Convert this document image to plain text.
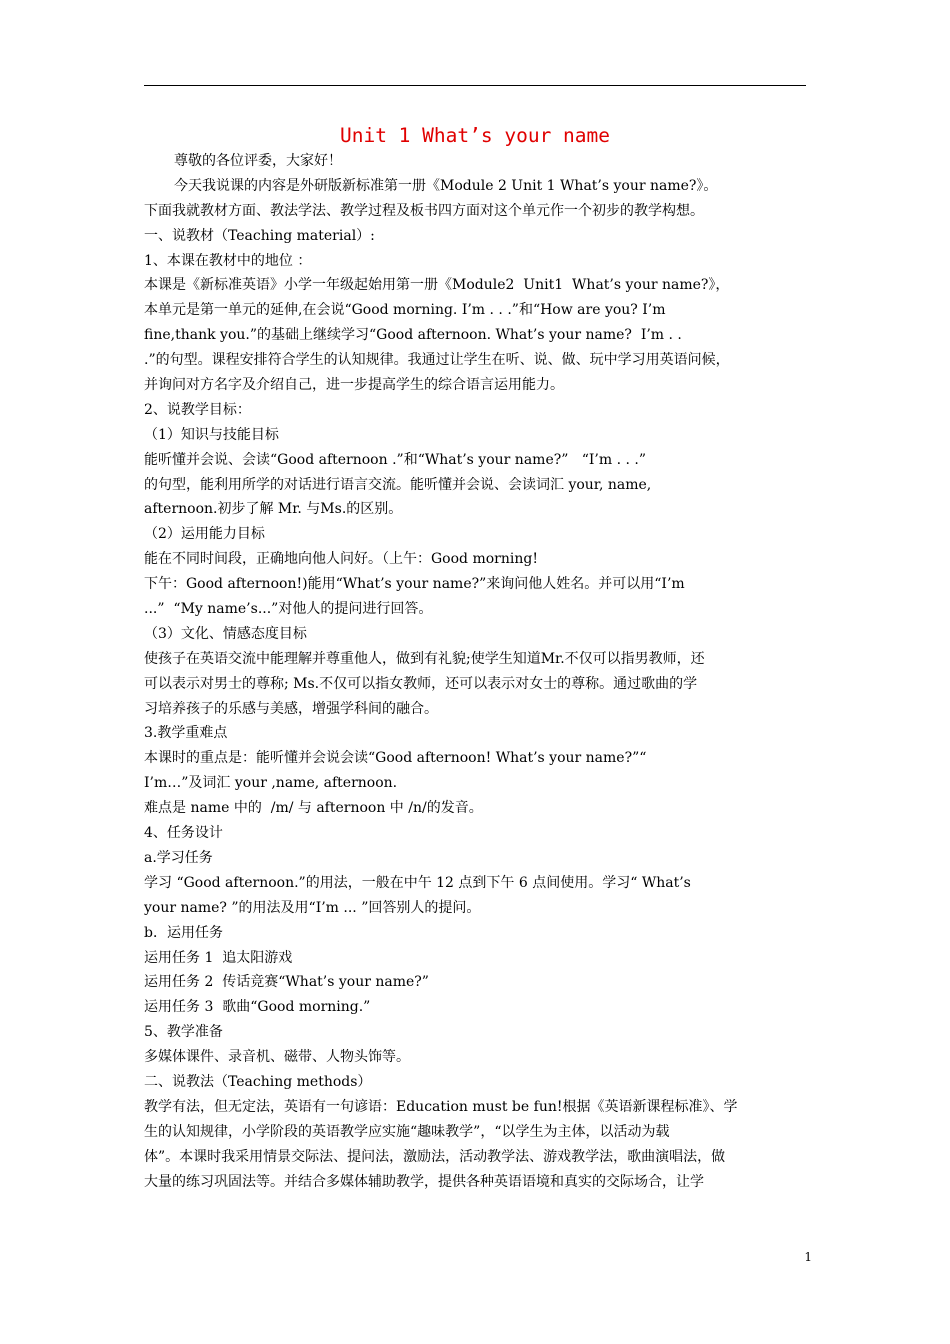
Unit 1 What’s your name
尊敬的各位评委，大家好！
今天我说课的内容是外研版新标准第一册《Module 2 Unit 1 What’s your name?》。
下面我就教材方面、教法学法、教学过程及板书四方面对这个单元作一个初步的教学构想。
一、说教材（Teaching material）:
1、本课在教材中的地位 ：
本课是《新标准英语》小学一年级起始用第一册《Module2  Unit1  What’s your name?》，
本单元是第一单元的延伸,在会说“Good morning. I’m . . .”和“How are you? I’m
fine,thank you.”的基础上继续学习“Good afternoon. What’s your name?  I’m . .
.”的句型。课程安排符合学生的认知规律。我通过让学生在听、说、做、玩中学习用英语问候，
并询问对方名字及介绍自己，进一步提高学生的综合语言运用能力。
2、说教学目标：
（1）知识与技能目标
能听懂并会说、会读“Good afternoon .”和“What’s your name?”   “I’m . . .”
的句型，能利用所学的对话进行语言交流。能听懂并会说、会读词汇 your, name,
afternoon.初步了解 Mr. 与Ms.的区别。
（2）运用能力目标
能在不同时间段，正确地向他人问好。（上午：Good morning!
下午：Good afternoon!)能用“What’s your name?”来询问他人姓名。并可以用“I’m
...”  “My name’s...”对他人的提问进行回答。
（3）文化、情感态度目标
使孩子在英语交流中能理解并尊重他人，做到有礼貌;使学生知道Mr.不仅可以指男教师，还
可以表示对男士的尊称; Ms.不仅可以指女教师，还可以表示对女士的尊称。通过歌曲的学
习培养孩子的乐感与美感，增强学科间的融合。
3.教学重难点
本课时的重点是：能听懂并会说会读“Good afternoon! What’s your name?”“
I’m…”及词汇 your ,name, afternoon.
难点是 name 中的  /m/ 与 afternoon 中 /n/的发音。
4、任务设计
a.学习任务
学习 “Good afternoon.”的用法，一般在中午 12 点到下午 6 点间使用。学习“ What’s
your name? ”的用法及用“I’m ... ”回答别人的提问。
b．运用任务
运用任务 1  追太阳游戏
运用任务 2  传话竞赛“What’s your name?”
运用任务 3  歌曲“Good morning.”
5、教学准备
多媒体课件、录音机、磁带、人物头饰等。
二、说教法（Teaching methods）
教学有法，但无定法，英语有一句谚语：Education must be fun!根据《英语新课程标准》、学
生的认知规律，小学阶段的英语教学应实施“趣味教学”，“以学生为主体，以活动为载
体”。本课时我采用情景交际法、提问法，激励法，活动教学法、游戏教学法，歌曲演唱法，做
大量的练习巩固法等。并结合多媒体辅助教学，提供各种英语语境和真实的交际场合，让学
1
